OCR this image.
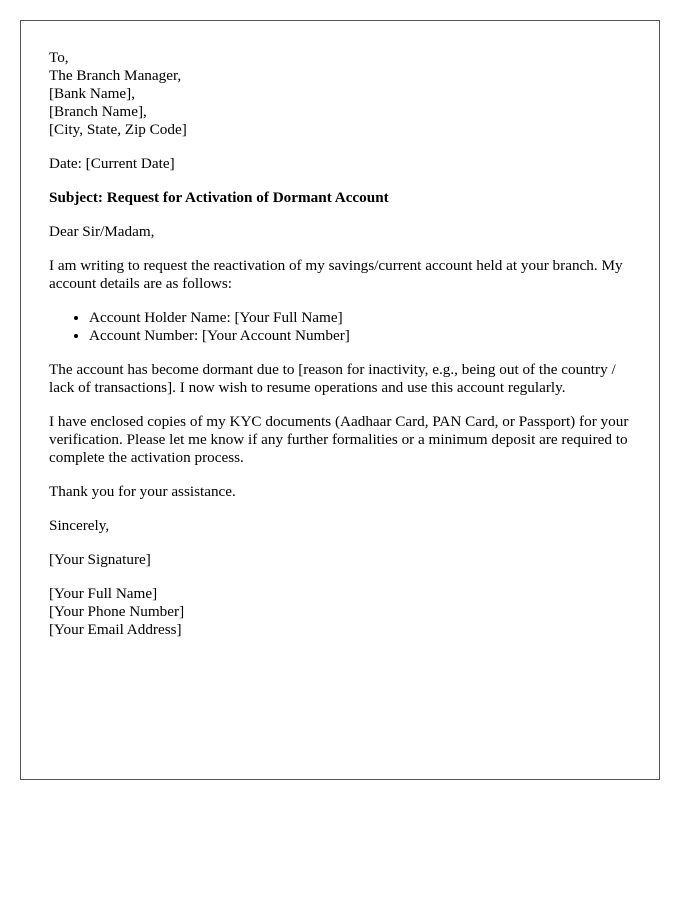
To,
The Branch Manager,
[Bank Name],
[Branch Name],
[City, State, Zip Code]

Date: [Current Date]

Subject: Request for Activation of Dormant Account

Dear Sir/Madam,

I am writing to request the reactivation of my savings/current account held at your branch. My account details are as follows:

• Account Holder Name: [Your Full Name]
• Account Number: [Your Account Number]

The account has become dormant due to [reason for inactivity, e.g., being out of the country / lack of transactions]. I now wish to resume operations and use this account regularly.

I have enclosed copies of my KYC documents (Aadhaar Card, PAN Card, or Passport) for your verification. Please let me know if any further formalities or a minimum deposit are required to complete the activation process.

Thank you for your assistance.

Sincerely,

[Your Signature]

[Your Full Name]
[Your Phone Number]
[Your Email Address]
